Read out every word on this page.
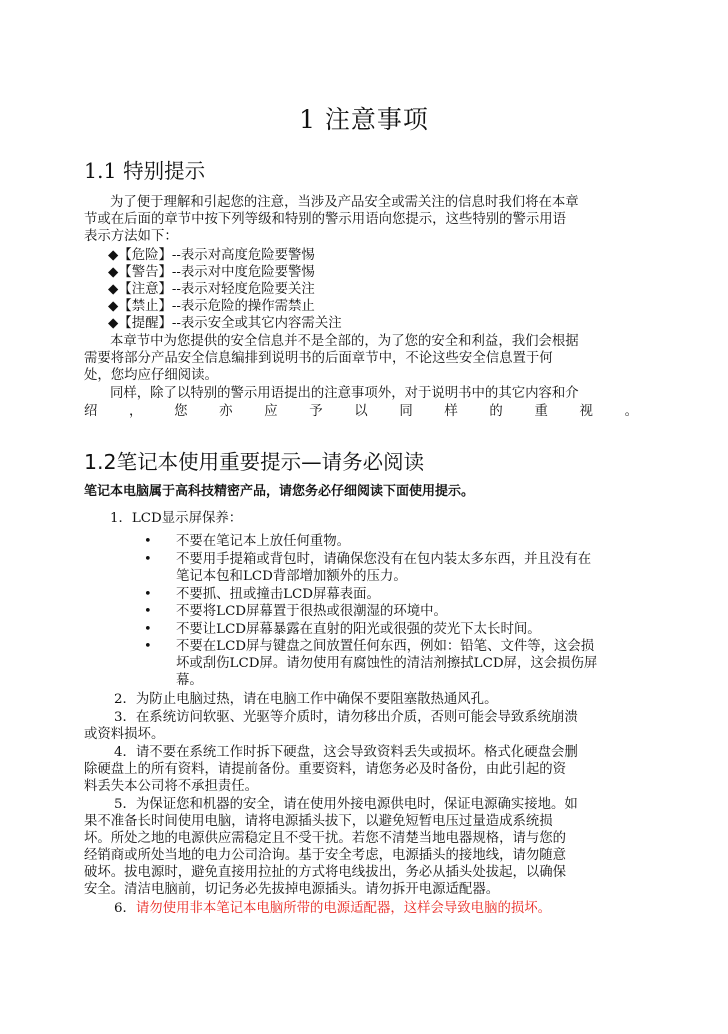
1 注意事项
1.1 特别提示
为了便于理解和引起您的注意，当涉及产品安全或需关注的信息时我们将在本章
节或在后面的章节中按下列等级和特别的警示用语向您提示，这些特别的警示用语
表示方法如下：
◆【危险】--表示对高度危险要警惕
◆【警告】--表示对中度危险要警惕
◆【注意】--表示对轻度危险要关注
◆【禁止】--表示危险的操作需禁止
◆【提醒】--表示安全或其它内容需关注
本章节中为您提供的安全信息并不是全部的，为了您的安全和利益，我们会根据
需要将部分产品安全信息编排到说明书的后面章节中，不论这些安全信息置于何
处，您均应仔细阅读。
同样，除了以特别的警示用语提出的注意事项外，对于说明书中的其它内容和介
绍 ， 您 亦 应 予 以 同 样 的 重 视 。
1.2笔记本使用重要提示—请务必阅读
笔记本电脑属于高科技精密产品，请您务必仔细阅读下面使用提示。
1．LCD显示屏保养：
• 不要在笔记本上放任何重物。
• 不要用手提箱或背包时，请确保您没有在包内装太多东西，并且没有在
笔记本包和LCD背部增加额外的压力。
• 不要抓、扭或撞击LCD屏幕表面。
• 不要将LCD屏幕置于很热或很潮湿的环境中。
• 不要让LCD屏幕暴露在直射的阳光或很强的荧光下太长时间。
• 不要在LCD屏与键盘之间放置任何东西，例如：铅笔、文件等，这会损
坏或刮伤LCD屏。请勿使用有腐蚀性的清洁剂擦拭LCD屏，这会损伤屏
幕。
2．为防止电脑过热，请在电脑工作中确保不要阻塞散热通风孔。
3．在系统访问软驱、光驱等介质时，请勿移出介质，否则可能会导致系统崩溃
或资料损坏。
4．请不要在系统工作时拆下硬盘，这会导致资料丢失或损坏。格式化硬盘会删
除硬盘上的所有资料，请提前备份。重要资料，请您务必及时备份，由此引起的资
料丢失本公司将不承担责任。
5．为保证您和机器的安全，请在使用外接电源供电时，保证电源确实接地。如
果不准备长时间使用电脑，请将电源插头拔下，以避免短暂电压过量造成系统损
坏。所处之地的电源供应需稳定且不受干扰。若您不清楚当地电器规格，请与您的
经销商或所处当地的电力公司洽询。基于安全考虑，电源插头的接地线，请勿随意
破坏。拔电源时，避免直接用拉扯的方式将电线拔出，务必从插头处拔起，以确保
安全。清洁电脑前，切记务必先拔掉电源插头。请勿拆开电源适配器。
6．请勿使用非本笔记本电脑所带的电源适配器，这样会导致电脑的损坏。
